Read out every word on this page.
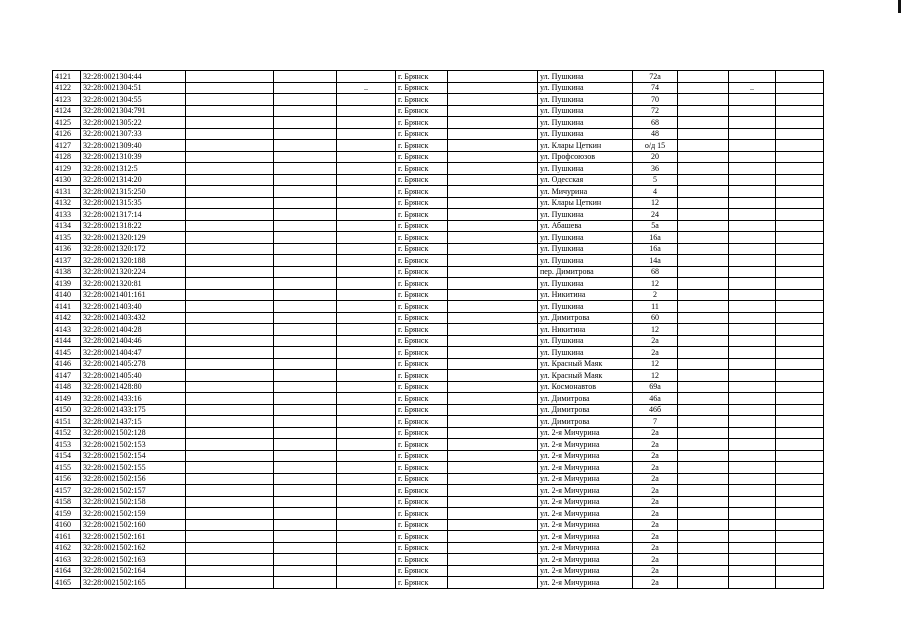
4121	32:28:0021304:44				г. Брянск		ул. Пушкина	72а			
4122	32:28:0021304:51			..	г. Брянск		ул. Пушкина	74		..	
4123	32:28:0021304:55				г. Брянск		ул. Пушкина	70			
4124	32:28:0021304:791				г. Брянск		ул. Пушкина	72			
4125	32:28:0021305:22				г. Брянск		ул. Пушкина	68			
4126	32:28:0021307:33				г. Брянск		ул. Пушкина	48			
4127	32:28:0021309:40				г. Брянск		ул. Клары Цеткин	о/д 15			
4128	32:28:0021310:39				г. Брянск		ул. Профсоюзов	20			
4129	32:28:0021312:5				г. Брянск		ул. Пушкина	36			
4130	32:28:0021314:20				г. Брянск		ул. Одесская	5			
4131	32:28:0021315:250				г. Брянск		ул. Мичурина	4			
4132	32:28:0021315:35				г. Брянск		ул. Клары Цеткин	12			
4133	32:28:0021317:14				г. Брянск		ул. Пушкина	24			
4134	32:28:0021318:22				г. Брянск		ул. Абашева	5а			
4135	32:28:0021320:129				г. Брянск		ул. Пушкина	16а			
4136	32:28:0021320:172				г. Брянск		ул. Пушкина	16а			
4137	32:28:0021320:188				г. Брянск		ул. Пушкина	14а			
4138	32:28:0021320:224				г. Брянск		пер. Димитрова	68			
4139	32:28:0021320:81				г. Брянск		ул. Пушкина	12			
4140	32:28:0021401:161				г. Брянск		ул. Никитина	2			
4141	32:28:0021403:40				г. Брянск		ул. Пушкина	11			
4142	32:28:0021403:432				г. Брянск		ул. Димитрова	60			
4143	32:28:0021404:28				г. Брянск		ул. Никитина	12			
4144	32:28:0021404:46				г. Брянск		ул. Пушкина	2а			
4145	32:28:0021404:47				г. Брянск		ул. Пушкина	2а			
4146	32:28:0021405:278				г. Брянск		ул. Красный Маяк	12			
4147	32:28:0021405:40				г. Брянск		ул. Красный Маяк	12			
4148	32:28:0021428:80				г. Брянск		ул. Космонавтов	69а			
4149	32:28:0021433:16				г. Брянск		ул. Димитрова	46а			
4150	32:28:0021433:175				г. Брянск		ул. Димитрова	46б			
4151	32:28:0021437:15				г. Брянск		ул. Димитрова	7			
4152	32:28:0021502:128				г. Брянск		ул. 2-я Мичурина	2а			
4153	32:28:0021502:153				г. Брянск		ул. 2-я Мичурина	2а			
4154	32:28:0021502:154				г. Брянск		ул. 2-я Мичурина	2а			
4155	32:28:0021502:155				г. Брянск		ул. 2-я Мичурина	2а			
4156	32:28:0021502:156				г. Брянск		ул. 2-я Мичурина	2а			
4157	32:28:0021502:157				г. Брянск		ул. 2-я Мичурина	2а			
4158	32:28:0021502:158				г. Брянск		ул. 2-я Мичурина	2а			
4159	32:28:0021502:159				г. Брянск		ул. 2-я Мичурина	2а			
4160	32:28:0021502:160				г. Брянск		ул. 2-я Мичурина	2а			
4161	32:28:0021502:161				г. Брянск		ул. 2-я Мичурина	2а			
4162	32:28:0021502:162				г. Брянск		ул. 2-я Мичурина	2а			
4163	32:28:0021502:163				г. Брянск		ул. 2-я Мичурина	2а			
4164	32:28:0021502:164				г. Брянск		ул. 2-я Мичурина	2а			
4165	32:28:0021502:165				г. Брянск		ул. 2-я Мичурина	2а			
